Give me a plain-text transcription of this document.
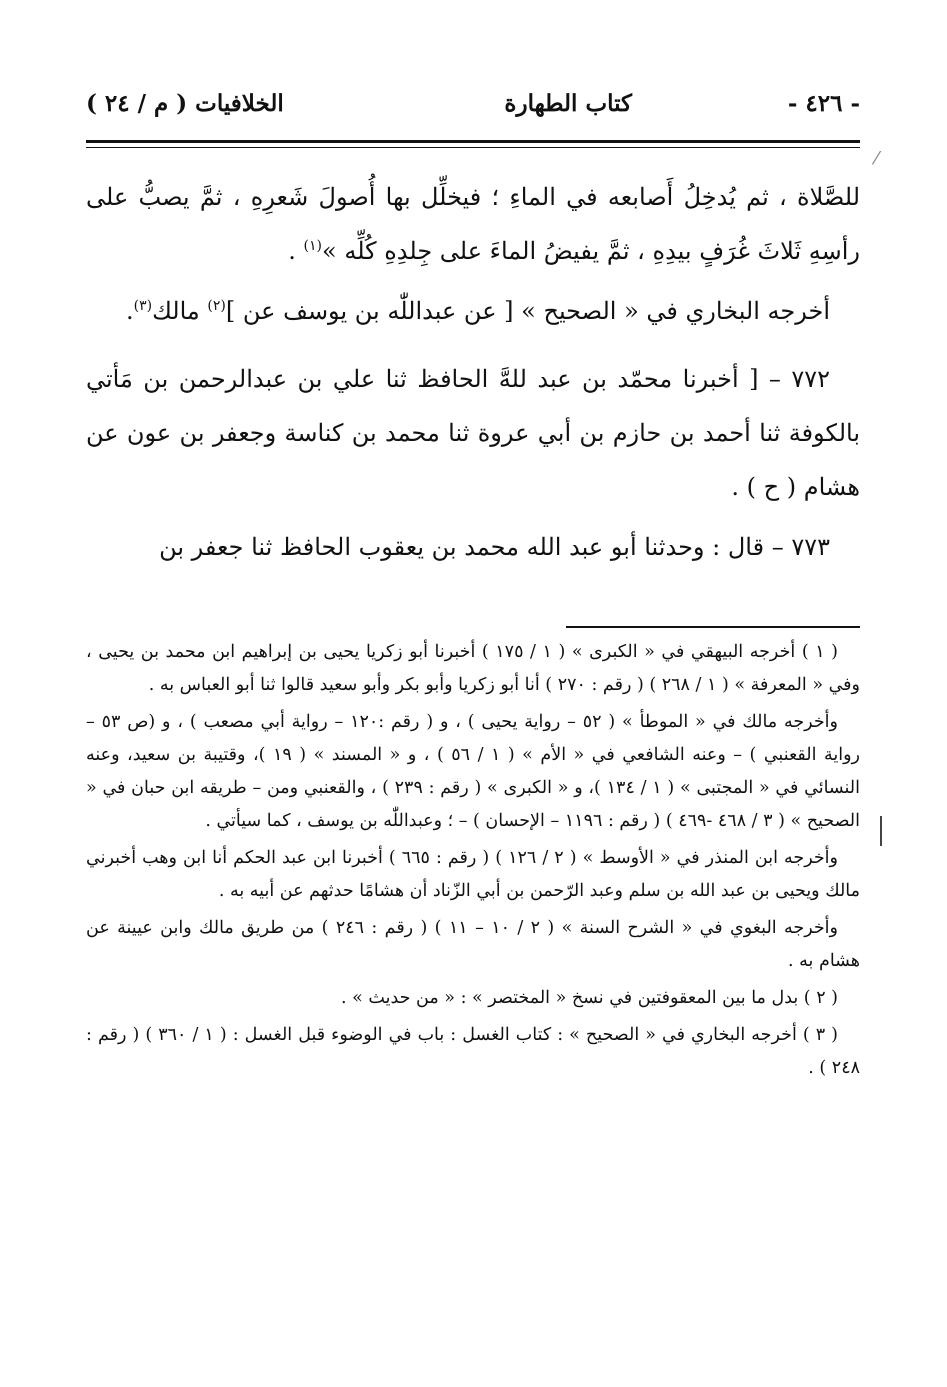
- ٤٢٦ -
كتاب الطهارة
الخلافيات ( م / ٢٤ )

للصَّلاة ، ثم يُدخِلُ أَصابعه في الماءِ ؛ فيخلِّل بها أُصولَ شَعرِهِ ، ثمَّ يصبُّ على رأسِهِ ثَلاثَ غُرَفٍ بيدِهِ ، ثمَّ يفيضُ الماءَ على جِلدِهِ كُلِّه »$^{(١)}$ .

أخرجه البخاري في « الصحيح » [ عن عبداللّٰه بن يوسف عن ]$^{(٢)}$ مالك$^{(٣)}$.

٧٧٢ – [ أخبرنا محمّد بن عبد للهَّ الحافظ ثنا علي بن عبدالرحمن بن مَأتي بالكوفة ثنا أحمد بن حازم بن أبي عروة ثنا محمد بن كناسة وجعفر بن عون عن هشام ( ح ) .

٧٧٣ – قال : وحدثنا أبو عبد الله محمد بن يعقوب الحافظ ثنا جعفر بن

( ١ ) أخرجه البيهقي في « الكبرى » ( ١ / ١٧٥ ) أخبرنا أبو زكريا يحيى بن إبراهيم ابن محمد بن يحيى ، وفي « المعرفة » ( ١ / ٢٦٨ ) ( رقم : ٢٧٠ ) أنا أبو زكريا وأبو بكر وأبو سعيد قالوا ثنا أبو العباس به .

وأخرجه مالك في « الموطأ » ( ٥٢ – رواية يحيى ) ، و ( رقم :١٢٠ – رواية أبي مصعب ) ، و (ص ٥٣ – رواية القعنبي ) – وعنه الشافعي في « الأم » ( ١ / ٥٦ ) ، و « المسند » ( ١٩ )، وقتيبة بن سعيد، وعنه النسائي في « المجتبى » ( ١ / ١٣٤ )، و « الكبرى » ( رقم : ٢٣٩ ) ، والقعنبي ومن – طريقه ابن حبان في « الصحيح » ( ٣ / ٤٦٨ -٤٦٩ ) ( رقم : ١١٩٦ – الإحسان ) – ؛ وعبداللّٰه بن يوسف ، كما سيأتي .

وأخرجه ابن المنذر في « الأوسط » ( ٢ / ١٢٦ ) ( رقم : ٦٦٥ ) أخبرنا ابن عبد الحكم أنا ابن وهب أخبرني مالك ويحيى بن عبد الله بن سلم وعبد الرّحمن بن أبي الزّناد أن هشامًا حدثهم عن أبيه به .

وأخرجه البغوي في « الشرح السنة » ( ٢ / ١٠ – ١١ ) ( رقم : ٢٤٦ ) من طريق مالك وابن عيينة عن هشام به .

( ٢ ) بدل ما بين المعقوفتين في نسخ « المختصر » : « من حديث » .

( ٣ ) أخرجه البخاري في « الصحيح » : كتاب الغسل : باب في الوضوء قبل الغسل : ( ١ / ٣٦٠ ) ( رقم : ٢٤٨ ) .

⁄
